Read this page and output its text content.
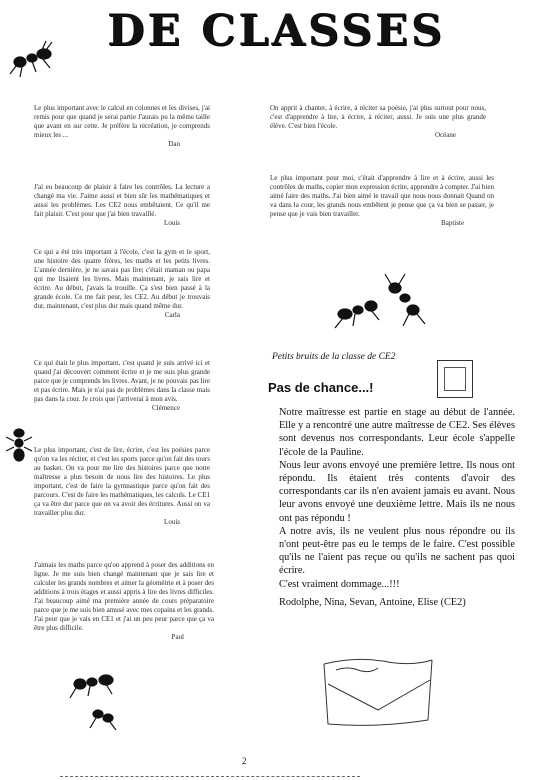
DE CLASSES
Le plus important avec le calcul en colonnes et les divises, j'ai remis pour que quand je serai partie J'aurais pu la même taille que avant en sur cette. Je préfère la récréation, je comprends mieux les ...
Dan
J'ai eu beaucoup de plaisir à faire les contrôles. La lecture a changé ma vie. J'aime aussi et bien sûr les mathématiques et aussi les problèmes. Les CE2 nous embêtaient. Ce qu'il me fait plaisir. C'est pour que j'ai bien travaillé.
Louis
Ce qui a été très important à l'école, c'est la gym et le sport, une histoire des quatre frères, les maths et les petits livres. L'année dernière, je ne savais pas lire; c'était maman ou papa qui me lisaient les livres. Mais maintenant, je sais lire et écrire. Au début, j'avais la trouille. Ça s'est bien passé à la grande école. Ce me fait peur, les CE2. Au début je trouvais dur, maintenant, c'est plus dur mais quand même dur.
Carla
Ce qui était le plus important, c'est quand je suis arrivé ici et quand j'ai découvert comment écrire et je me suis plus grande parce que je comprends les livres. Avant, je ne pouvais pas lire et pas écrire. Mais je n'ai pas de problèmes dans la classe mais pas dans la cour. Je crois que j'arriverai à mon avis.
Clémence
Le plus important, c'est de lire, écrire, c'est les poésies parce qu'on va les réciter, et c'est les sports parce qu'on fait des tours au basket. On va pour me lire des histoires parce que notre maîtresse a plus besoin de nous lire des histoires. Le plus important, c'est de faire la gymnastique parce qu'on fait des parcours. C'est de faire les mathématiques, les calculs. Le CE1 ça va être dur parce que on va avoir des écritures. Aussi on va travailler plus dur.
Louis
J'aimais les maths parce qu'on apprend à poser des additions en ligne. Je me suis bien changé maintenant que je sais lire et calculer les grands nombres et aimer la géométrie et à poser des additions à trois étages et aussi appris à lire des livres difficiles. J'ai beaucoup aimé ma première année de cours préparatoire parce que je me suis bien amusé avec mes copains et les grands. J'ai peur que je vais en CE1 et j'ai un peu peur parce que ça va être plus difficile.
Paul
On apprit à chanter, à écrire, à réciter sa poésie, j'ai plus surtout pour nous, c'est d'apprendre à lire, à écrire, à réciter, aussi. Je suis une plus grande élève. C'est bien l'école.
Océane
Le plus important pour moi, c'était d'apprendre à lire et à écrire, aussi les contrôles de maths, copier mon expression écrite, apprendre à compter. J'ai bien aimé faire des maths. J'ai bien aimé le travail que nous nous donnait Quand on va dans la cour, les grands nous embêtent je pense que ça va bien se passer, je pense que je vais bien travailler.
Baptiste
Petits bruits de la classe de CE2
Pas de chance...!

Notre maîtresse est partie en stage au début de l'année. Elle y a rencontré une autre maîtresse de CE2. Ses élèves sont devenus nos correspondants. Leur école s'appelle l'école de la Pauline.

Nous leur avons envoyé une première lettre. Ils nous ont répondu. Ils étaient très contents d'avoir des correspondants car ils n'en avaient jamais eu avant. Nous leur avons envoyé une deuxième lettre. Mais ils ne nous ont pas répondu !

A notre avis, ils ne veulent plus nous répondre ou ils n'ont peut-être pas eu le temps de le faire. C'est possible qu'ils ne l'aient pas reçue ou qu'ils ne sachent pas quoi écrire.

C'est vraiment dommage...!!!

Rodolphe, Nina, Sevan, Antoine, Elise (CE2)
2
